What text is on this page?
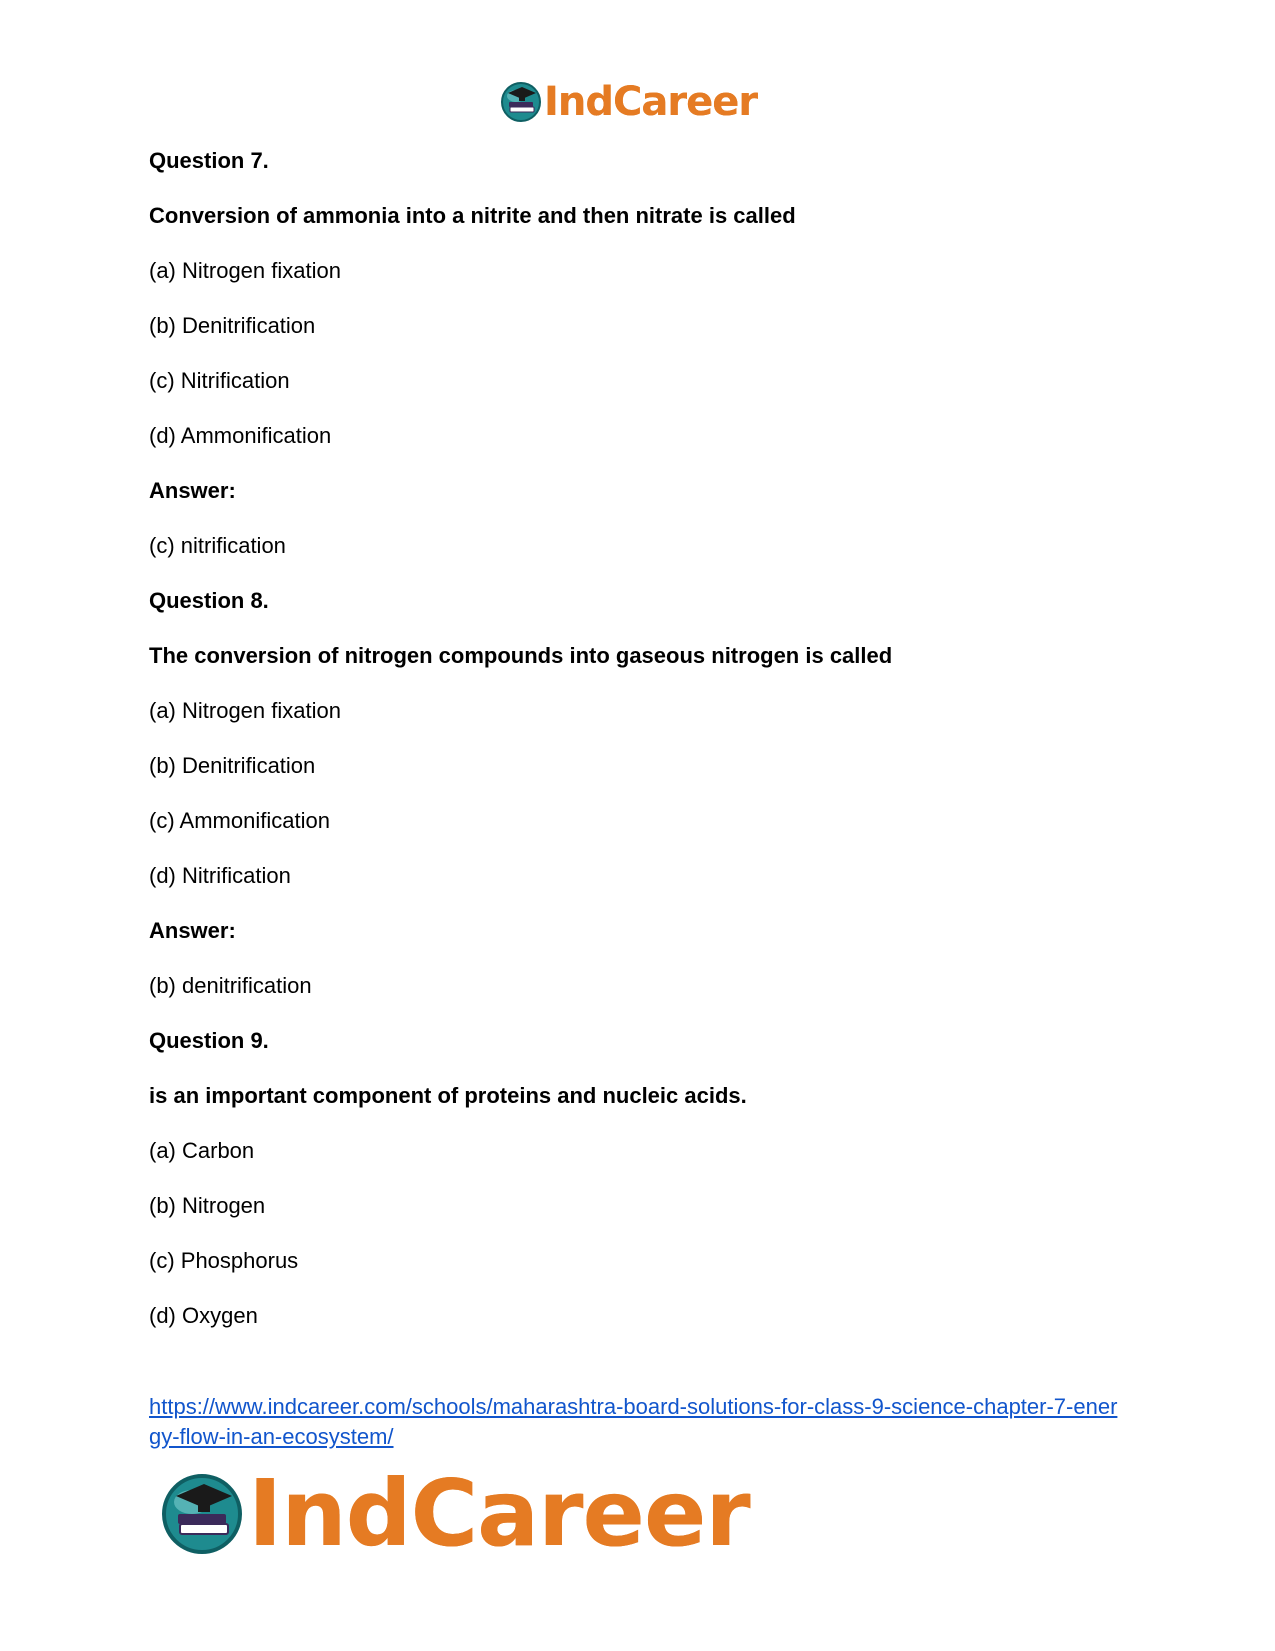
IndCareer
Question 7.
Conversion of ammonia into a nitrite and then nitrate is called
(a) Nitrogen fixation
(b) Denitrification
(c) Nitrification
(d) Ammonification
Answer:
(c) nitrification
Question 8.
The conversion of nitrogen compounds into gaseous nitrogen is called
(a) Nitrogen fixation
(b) Denitrification
(c) Ammonification
(d) Nitrification
Answer:
(b) denitrification
Question 9.
is an important component of proteins and nucleic acids.
(a) Carbon
(b) Nitrogen
(c) Phosphorus
(d) Oxygen
https://www.indcareer.com/schools/maharashtra-board-solutions-for-class-9-science-chapter-7-energy-flow-in-an-ecosystem/
IndCareer
